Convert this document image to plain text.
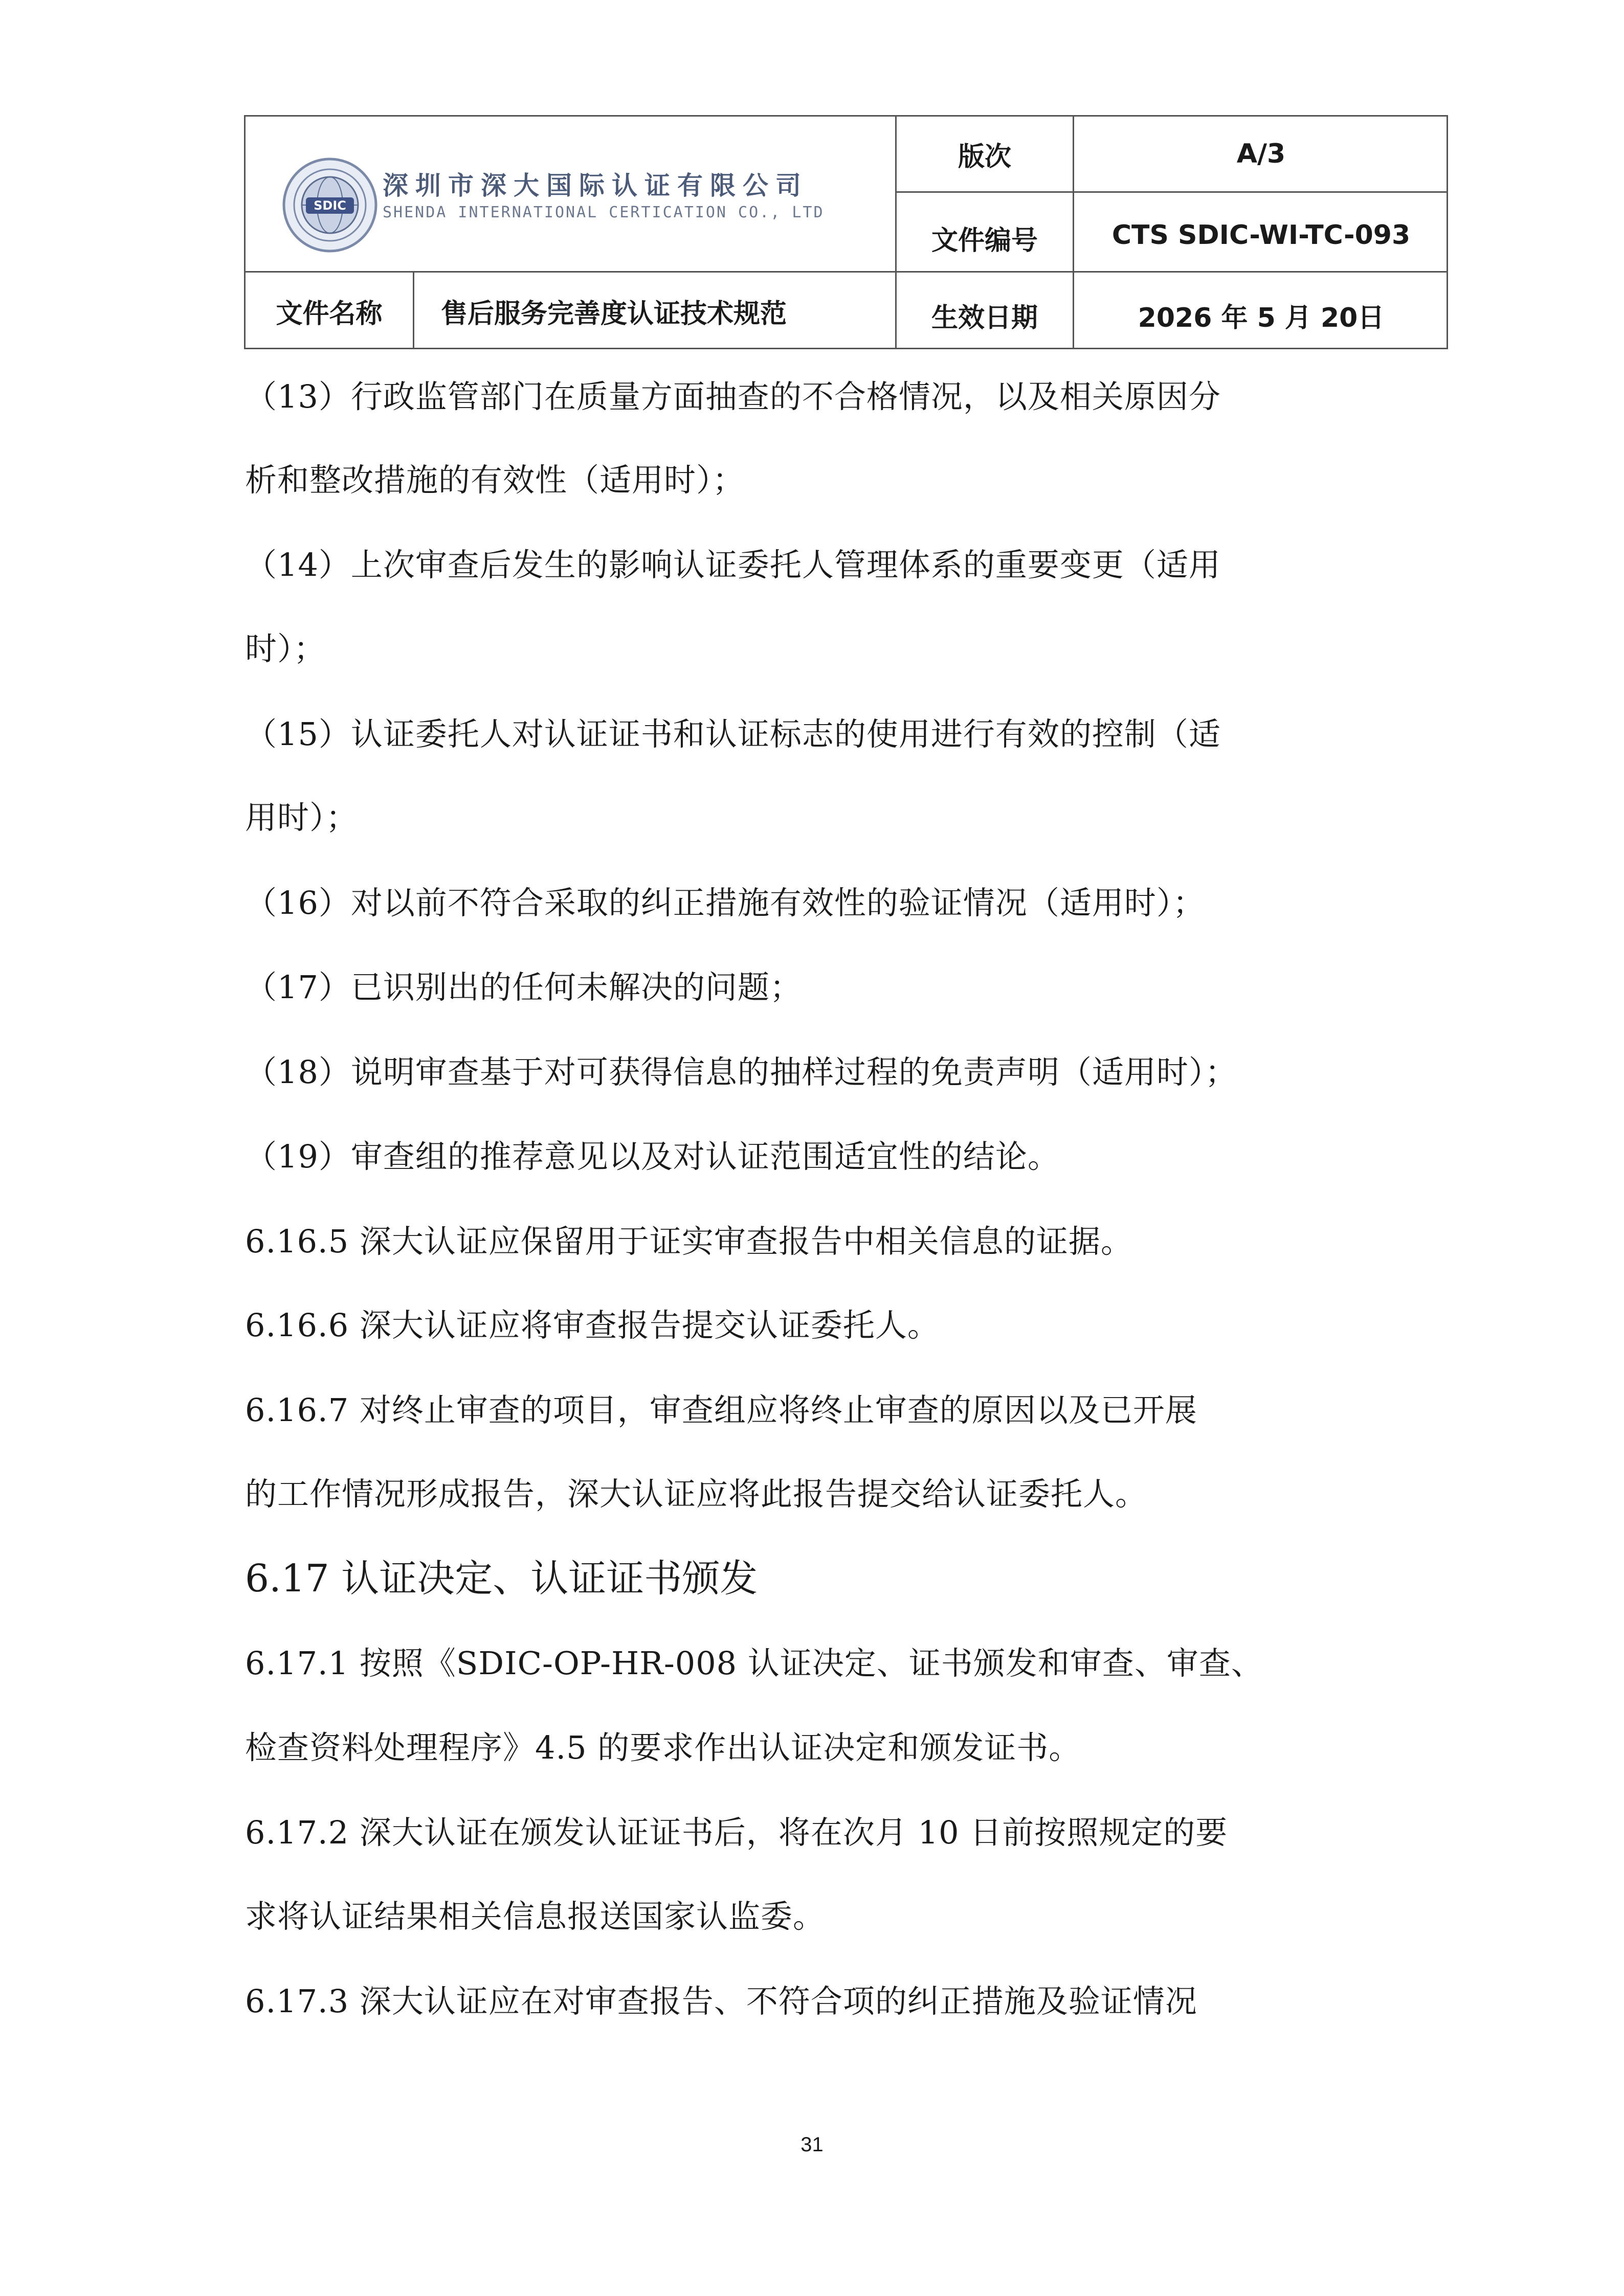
SDIC
深圳市深大国际认证有限公司
SHENDA INTERNATIONAL CERTICATION CO., LTD
版次	A/3
文件编号	CTS SDIC-WI-TC-093
文件名称	售后服务完善度认证技术规范	生效日期	2026 年 5 月 20日
（13）行政监管部门在质量方面抽查的不合格情况，以及相关原因分
析和整改措施的有效性（适用时）；
（14）上次审查后发生的影响认证委托人管理体系的重要变更（适用
时）；
（15）认证委托人对认证证书和认证标志的使用进行有效的控制（适
用时）；
（16）对以前不符合采取的纠正措施有效性的验证情况（适用时）；
（17）已识别出的任何未解决的问题；
（18）说明审查基于对可获得信息的抽样过程的免责声明（适用时）；
（19）审查组的推荐意见以及对认证范围适宜性的结论。
6.16.5 深大认证应保留用于证实审查报告中相关信息的证据。
6.16.6 深大认证应将审查报告提交认证委托人。
6.16.7 对终止审查的项目，审查组应将终止审查的原因以及已开展
的工作情况形成报告，深大认证应将此报告提交给认证委托人。
6.17 认证决定、认证证书颁发
6.17.1 按照《SDIC-OP-HR-008 认证决定、证书颁发和审查、审查、
检查资料处理程序》4.5 的要求作出认证决定和颁发证书。
6.17.2 深大认证在颁发认证证书后，将在次月 10 日前按照规定的要
求将认证结果相关信息报送国家认监委。
6.17.3 深大认证应在对审查报告、不符合项的纠正措施及验证情况
31
